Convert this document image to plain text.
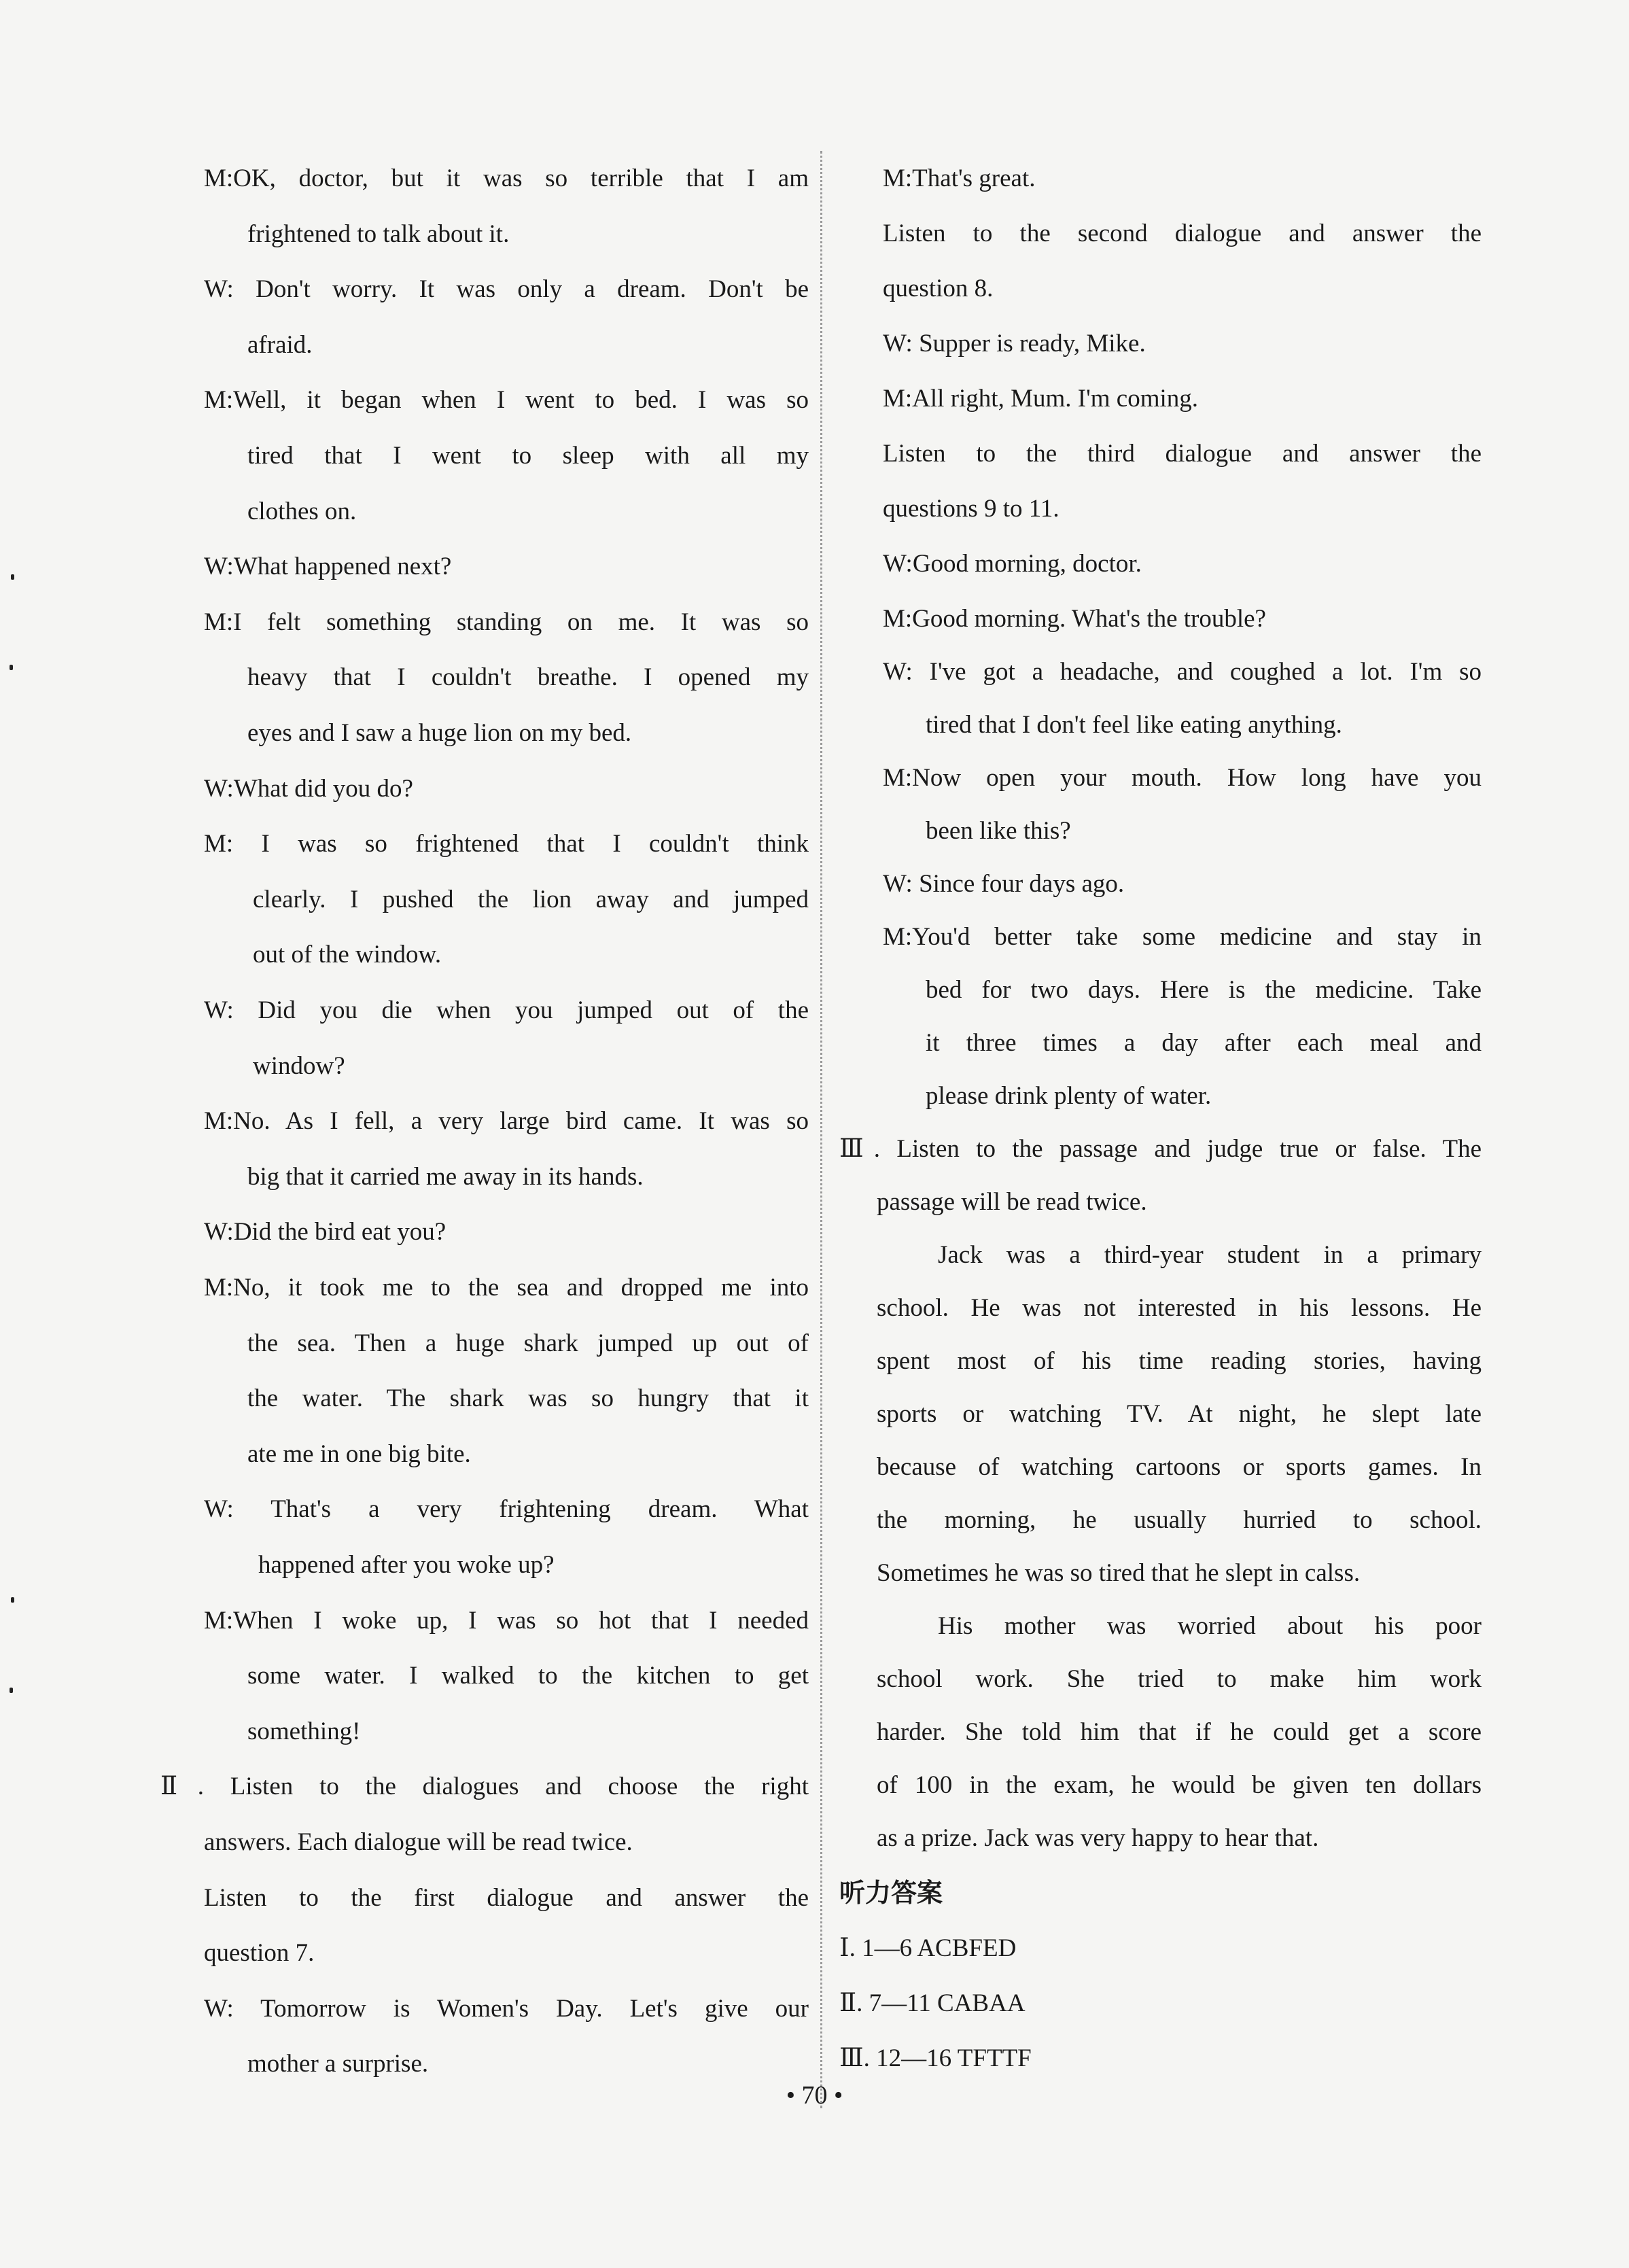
M:OK, doctor, but it was so terrible that I am
frightened to talk about it.
W: Don't worry. It was only a dream. Don't be
afraid.
M:Well, it began when I went to bed. I was so
tired that I went to sleep with all my
clothes on.
W:What happened next?
M:I felt something standing on me. It was so
heavy that I couldn't breathe. I opened my
eyes and I saw a huge lion on my bed.
W:What did you do?
M: I was so frightened that I couldn't think
clearly. I pushed the lion away and jumped
out of the window.
W: Did you die when you jumped out of the
window?
M:No. As I fell, a very large bird came. It was so
big that it carried me away in its hands.
W:Did the bird eat you?
M:No, it took me to the sea and dropped me into
the sea. Then a huge shark jumped up out of
the water. The shark was so hungry that it
ate me in one big bite.
W: That's a very frightening dream. What
happened after you woke up?
M:When I woke up, I was so hot that I needed
some water. I walked to the kitchen to get
something!
Ⅱ. Listen to the dialogues and choose the right
answers. Each dialogue will be read twice.
Listen to the first dialogue and answer the
question 7.
W: Tomorrow is Women's Day. Let's give our
mother a surprise.
M:That's great.
Listen to the second dialogue and answer the
question 8.
W: Supper is ready, Mike.
M:All right, Mum. I'm coming.
Listen to the third dialogue and answer the
questions 9 to 11.
W:Good morning, doctor.
M:Good morning. What's the trouble?
W: I've got a headache, and coughed a lot. I'm so
tired that I don't feel like eating anything.
M:Now open your mouth. How long have you
been like this?
W: Since four days ago.
M:You'd better take some medicine and stay in
bed for two days. Here is the medicine. Take
it three times a day after each meal and
please drink plenty of water.
Ⅲ. Listen to the passage and judge true or false. The
passage will be read twice.
Jack was a third-year student in a primary
school. He was not interested in his lessons. He
spent most of his time reading stories, having
sports or watching TV. At night, he slept late
because of watching cartoons or sports games. In
the morning, he usually hurried to school.
Sometimes he was so tired that he slept in calss.
His mother was worried about his poor
school work. She tried to make him work
harder. She told him that if he could get a score
of 100 in the exam, he would be given ten dollars
as a prize. Jack was very happy to hear that.
听力答案
Ⅰ. 1—6 ACBFED
Ⅱ. 7—11 CABAA
Ⅲ. 12—16 TFTTF
• 70 •
